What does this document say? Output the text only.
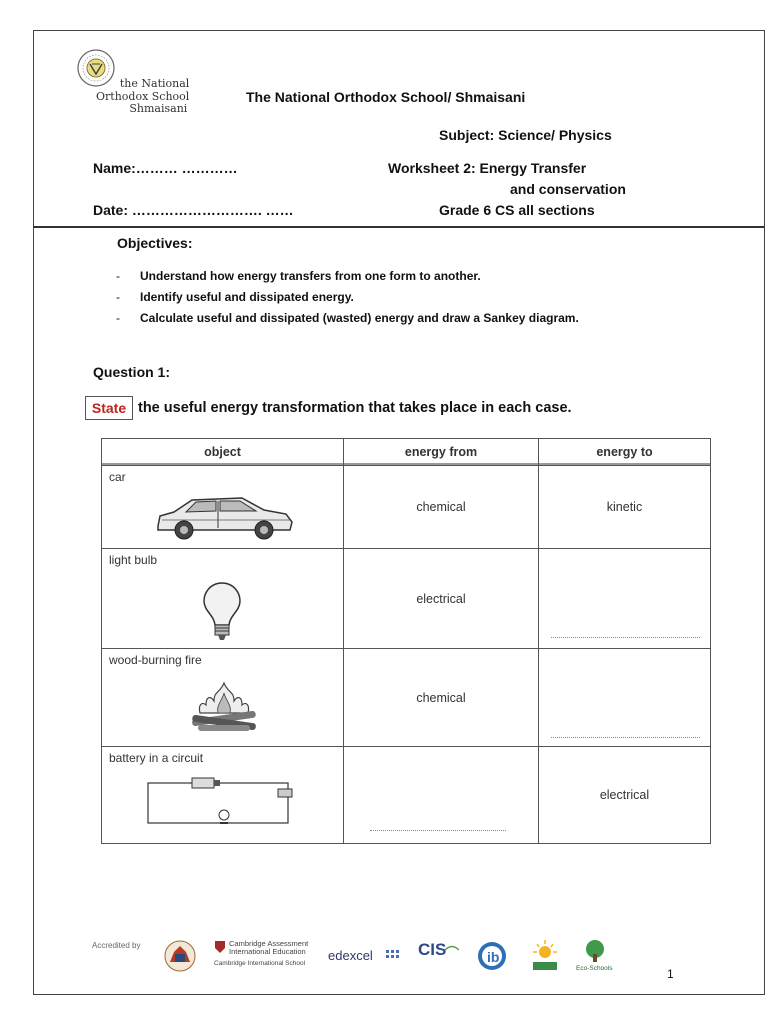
the National
Orthodox School
Shmaisani
The National Orthodox School/ Shmaisani
Subject: Science/ Physics
Name:……… …………	Worksheet 2: Energy Transfer
and conservation
Date: ………………………. ……	Grade 6 CS all sections
Objectives:
- Understand how energy transfers from one form to another.
- Identify useful and dissipated energy.
- Calculate useful and dissipated (wasted) energy and draw a Sankey diagram.
Question 1:
State the useful energy transformation that takes place in each case.
object	energy from	energy to

car	chemical	kinetic

light bulb	electrical	

wood-burning fire	chemical	

battery in a circuit		electrical
Accredited by	Cambridge Assessment
International Education
Cambridge International School
edexcel	CIS	ib
Eco-Schools	1
